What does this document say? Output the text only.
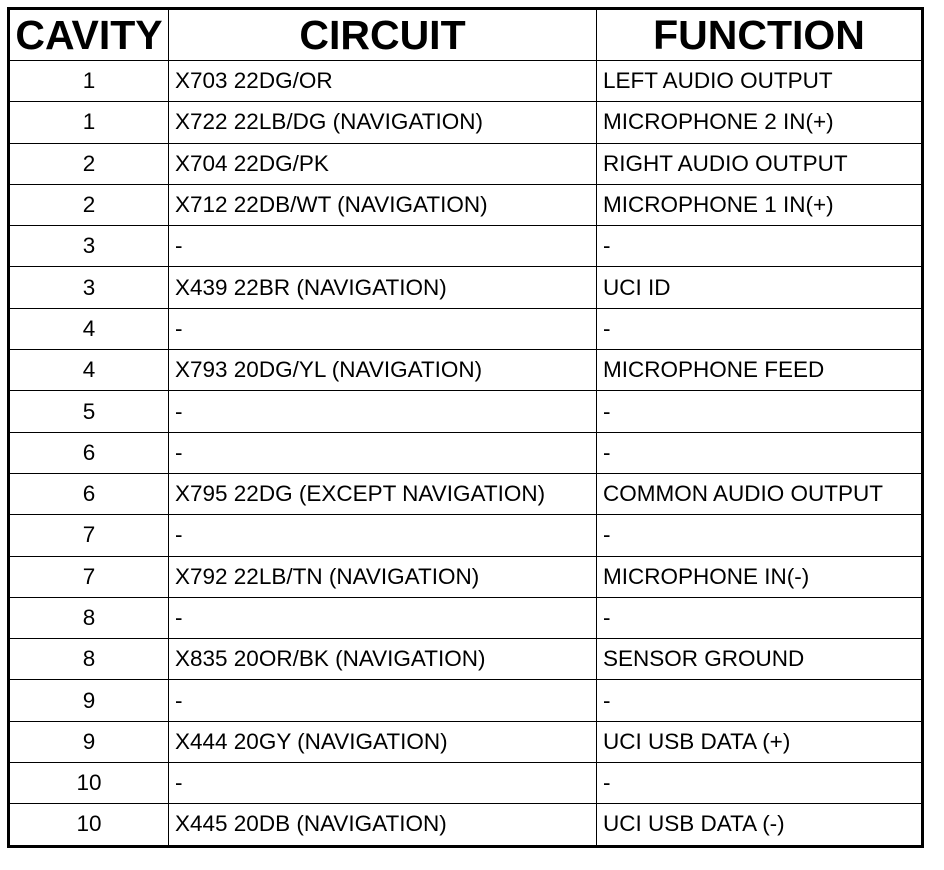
CAVITY	CIRCUIT	FUNCTION
1	X703 22DG/OR	LEFT AUDIO OUTPUT
1	X722 22LB/DG (NAVIGATION)	MICROPHONE 2 IN(+)
2	X704 22DG/PK	RIGHT AUDIO OUTPUT
2	X712 22DB/WT (NAVIGATION)	MICROPHONE 1 IN(+)
3	-	-
3	X439 22BR (NAVIGATION)	UCI ID
4	-	-
4	X793 20DG/YL (NAVIGATION)	MICROPHONE FEED
5	-	-
6	-	-
6	X795 22DG (EXCEPT NAVIGATION)	COMMON AUDIO OUTPUT
7	-	-
7	X792 22LB/TN (NAVIGATION)	MICROPHONE IN(-)
8	-	-
8	X835 20OR/BK (NAVIGATION)	SENSOR GROUND
9	-	-
9	X444 20GY (NAVIGATION)	UCI USB DATA (+)
10	-	-
10	X445 20DB (NAVIGATION)	UCI USB DATA (-)
